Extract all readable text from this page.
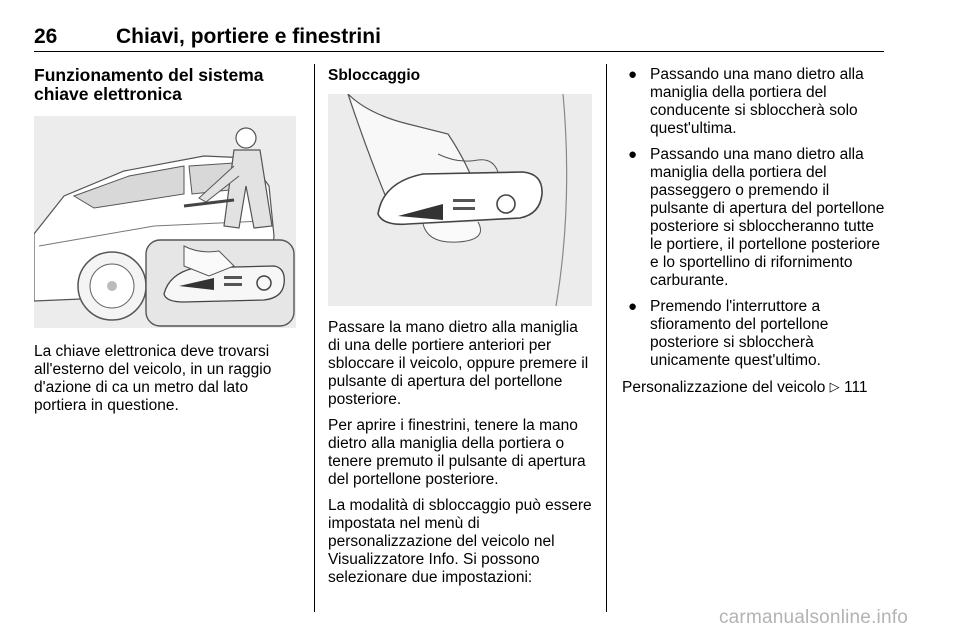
26	Chiavi, portiere e finestrini
Funzionamento del sistema chiave elettronica

La chiave elettronica deve trovarsi all'esterno del veicolo, in un raggio d'azione di ca un metro dal lato portiera in questione.

Sbloccaggio

Passare la mano dietro alla maniglia di una delle portiere anteriori per sbloccare il veicolo, oppure premere il pulsante di apertura del portellone posteriore.

Per aprire i finestrini, tenere la mano dietro alla maniglia della portiera o tenere premuto il pulsante di apertura del portellone posteriore.

La modalità di sbloccaggio può essere impostata nel menù di personalizzazione del veicolo nel Visualizzatore Info. Si possono selezionare due impostazioni:

● Passando una mano dietro alla maniglia della portiera del conducente si sbloccherà solo quest'ultima.
● Passando una mano dietro alla maniglia della portiera del passeggero o premendo il pulsante di apertura del portellone posteriore si sbloccheranno tutte le portiere, il portellone posteriore e lo sportellino di rifornimento carburante.
● Premendo l'interruttore a sfioramento del portellone posteriore si sbloccherà unicamente quest'ultimo.

Personalizzazione del veicolo ▷ 111

carmanualsonline.info
